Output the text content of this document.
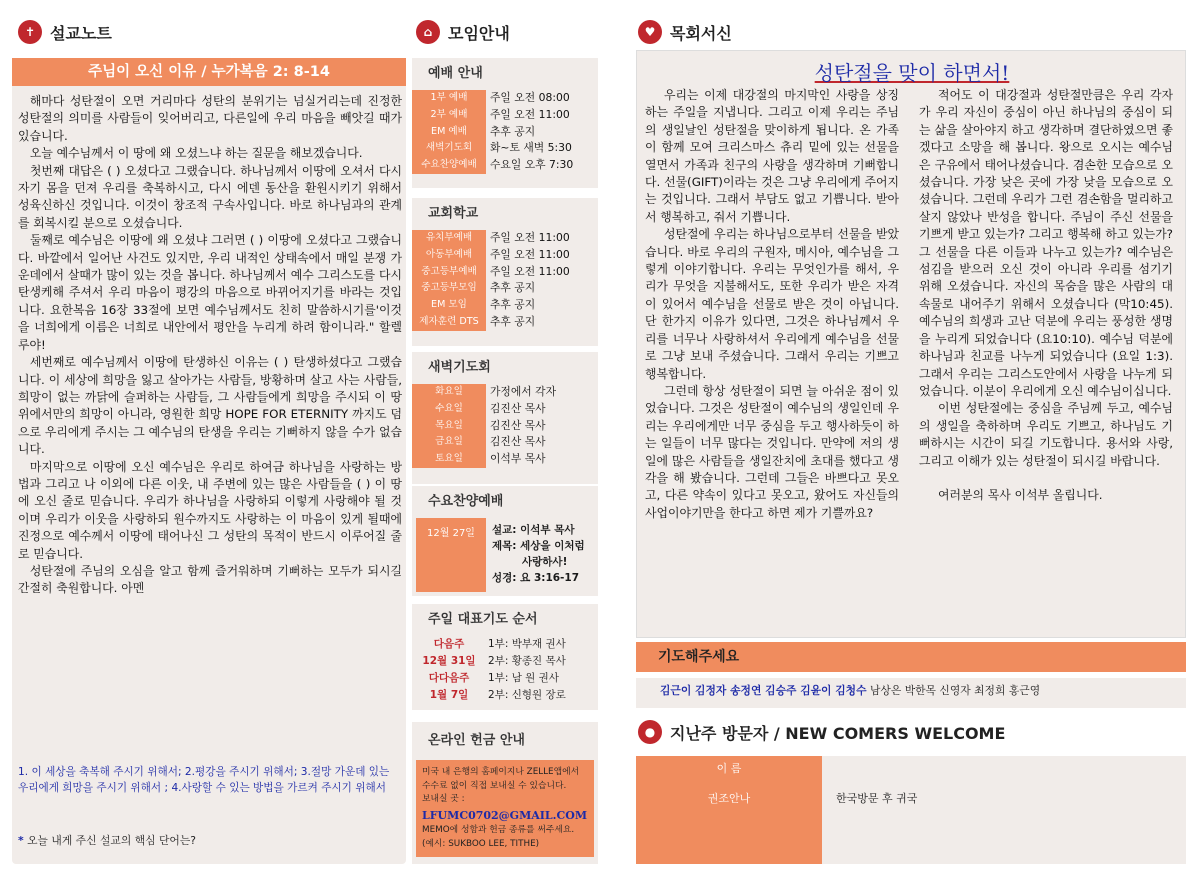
✝ 설교노트
주님이 오신 이유 / 누가복음 2: 8-14

해마다 성탄절이 오면 거리마다 성탄의 분위기는 넘실거리는데 진정한 성탄절의 의미를 사람들이 잊어버리고, 다른일에 우리 마음을 빼앗길 때가 있습니다.

오늘 예수님께서 이 땅에 왜 오셨느냐 하는 질문을 해보겠습니다.

첫번째 대답은 ( ) 오셨다고 그랬습니다. 하나님께서 이땅에 오셔서 다시 자기 몸을 던져 우리를 축복하시고, 다시 에덴 동산을 환원시키기 위해서 성육신하신 것입니다. 이것이 창조적 구속사입니다. 바로 하나님과의 관계를 회복시킬 분으로 오셨습니다.

둘째로 예수님은 이땅에 왜 오셨냐 그러면 ( ) 이땅에 오셨다고 그랬습니다. 바깥에서 일어난 사건도 있지만, 우리 내적인 상태속에서 매일 분쟁 가운데에서 살때가 많이 있는 것을 봅니다. 하나님께서 예수 그리스도를 다시 탄생케해 주셔서 우리 마음이 평강의 마음으로 바뀌어지기를 바라는 것입니다. 요한복음 16장 33절에 보면 예수님께서도 친히 말씀하시기를'이것을 너희에게 이름은 너희로 내안에서 평안을 누리게 하려 함이니라." 할렐루야!

세번째로 예수님께서 이땅에 탄생하신 이유는 ( ) 탄생하셨다고 그랬습니다. 이 세상에 희망을 잃고 살아가는 사람들, 방황하며 살고 사는 사람들, 희망이 없는 까닭에 슬퍼하는 사람들, 그 사람들에게 희망을 주시되 이 땅위에서만의 희망이 아니라, 영원한 희망 HOPE FOR ETERNITY 까지도 덤으로 우리에게 주시는 그 예수님의 탄생을 우리는 기뻐하지 않을 수가 없습니다.

마지막으로 이땅에 오신 예수님은 우리로 하여금 하나님을 사랑하는 방법과 그리고 나 이외에 다른 이웃, 내 주변에 있는 많은 사람들을 ( ) 이 땅에 오신 줄로 믿습니다. 우리가 하나님을 사랑하되 이렇게 사랑해야 될 것이며 우리가 이웃을 사랑하되 원수까지도 사랑하는 이 마음이 있게 될때에 진정으로 예수께서 이땅에 태어나신 그 성탄의 목적이 반드시 이루어질 줄로 믿습니다.

성탄절에 주님의 오심을 알고 함께 즐거워하며 기뻐하는 모두가 되시길 간절히 축원합니다. 아멘

1. 이 세상을 축복해 주시기 위해서; 2.평강을 주시기 위해서; 3.절망 가운데 있는 우리에게 희망을 주시기 위해서 ; 4.사랑할 수 있는 방법을 가르켜 주시기 위해서
* 오늘 내게 주신 설교의 핵심 단어는?
⌂ 모임안내
예배 안내
1부 예배	주일 오전 08:00
2부 예배	주일 오전 11:00
EM 예배	추후 공지
새벽기도회	화~토 새벽 5:30
수요찬양예배	수요일 오후 7:30
교회학교
유치부예배	주일 오전 11:00
아동부예배	주일 오전 11:00
중고등부예배	주일 오전 11:00
중고등부모임	추후 공지
EM 모임	추후 공지
제자훈련 DTS	추후 공지
새벽기도회
화요일	가정에서 각자
수요일	김진산 목사
목요일	김진산 목사
금요일	김진산 목사
토요일	이석부 목사
수요찬양예배
12월 27일	설교: 이석부 목사
제목: 세상을 이처럼
사랑하사!
성경: 요 3:16-17
주일 대표기도 순서
다음주	1부: 박부재 권사
12월 31일	2부: 황종진 목사
다다음주	1부: 남 원 권사
1월 7일	2부: 신형원 장로
온라인 헌금 안내
미국 내 은행의 홈페이지나 ZELLE앱에서 수수료 없이 직접 보내실 수 있습니다.
보내실 곳 :
LFUMC0702@GMAIL.COM
MEMO에 성함과 헌금 종류를 써주세요.
(예시: SUKBOO LEE, TITHE)
♥ 목회서신
성탄절을 맞이 하면서!

우리는 이제 대강절의 마지막인 사랑을 상징하는 주일을 지냅니다. 그리고 이제 우리는 주님의 생일날인 성탄절을 맞이하게 됩니다. 온 가족이 함께 모여 크리스마스 츄리 밑에 있는 선물을 열면서 가족과 친구의 사랑을 생각하며 기뻐합니다. 선물(GIFT)이라는 것은 그냥 우리에게 주어지는 것입니다. 그래서 부담도 없고 기쁩니다. 받아서 행복하고, 줘서 기쁩니다.

성탄절에 우리는 하나님으로부터 선물을 받았습니다. 바로 우리의 구원자, 메시아, 예수님을 그렇게 이야기합니다. 우리는 무엇인가를 해서, 우리가 무엇을 지불해서도, 또한 우리가 받은 자격이 있어서 예수님을 선물로 받은 것이 아닙니다. 단 한가지 이유가 있다면, 그것은 하나님께서 우리를 너무나 사랑하셔서 우리에게 예수님을 선물로 그냥 보내 주셨습니다. 그래서 우리는 기쁘고 행복합니다.

그런데 항상 성탄절이 되면 늘 아쉬운 점이 있었습니다. 그것은 성탄절이 예수님의 생일인데 우리는 우리에게만 너무 중심을 두고 행사하듯이 하는 일들이 너무 많다는 것입니다. 만약에 저의 생일에 많은 사람들을 생일잔치에 초대를 했다고 생각을 해 봤습니다. 그런데 그들은 바쁘다고 못오고, 다른 약속이 있다고 못오고, 왔어도 자신들의 사업이야기만을 한다고 하면 제가 기쁠까요?

적어도 이 대강절과 성탄절만큼은 우리 각자가 우리 자신이 중심이 아닌 하나님의 중심이 되는 삶을 살아야지 하고 생각하며 결단하였으면 좋겠다고 소망을 해 봅니다. 왕으로 오시는 예수님은 구유에서 태어나셨습니다. 겸손한 모습으로 오셨습니다. 가장 낮은 곳에 가장 낮을 모습으로 오셨습니다. 그런데 우리가 그런 겸손함을 멀리하고 살지 않았나 반성을 합니다. 주님이 주신 선물을 기쁘게 받고 있는가? 그리고 행복해 하고 있는가? 그 선물을 다른 이들과 나누고 있는가? 예수님은 섬김을 받으러 오신 것이 아니라 우리를 섬기기 위해 오셨습니다. 자신의 목숨을 많은 사람의 대속물로 내어주기 위해서 오셨습니다 (막10:45). 예수님의 희생과 고난 덕분에 우리는 풍성한 생명을 누리게 되었습니다 (요10:10). 예수님 덕분에 하나님과 친교를 나누게 되었습니다 (요일 1:3). 그래서 우리는 그리스도안에서 사랑을 나누게 되었습니다. 이분이 우리에게 오신 예수님이십니다.

이번 성탄절에는 중심을 주님께 두고, 예수님의 생일을 축하하며 우리도 기쁘고, 하나님도 기뻐하시는 시간이 되길 기도합니다. 용서와 사랑, 그리고 이해가 있는 성탄절이 되시길 바랍니다.

여러분의 목사 이석부 올립니다.

기도해주세요
김근이 김정자 송정연 김승주 김윤이 김청수 남상은 박한목 신영자 최정희 홍근영
● 지난주 방문자 / NEW COMERS WELCOME
이 름
권조안나	한국방문 후 귀국
